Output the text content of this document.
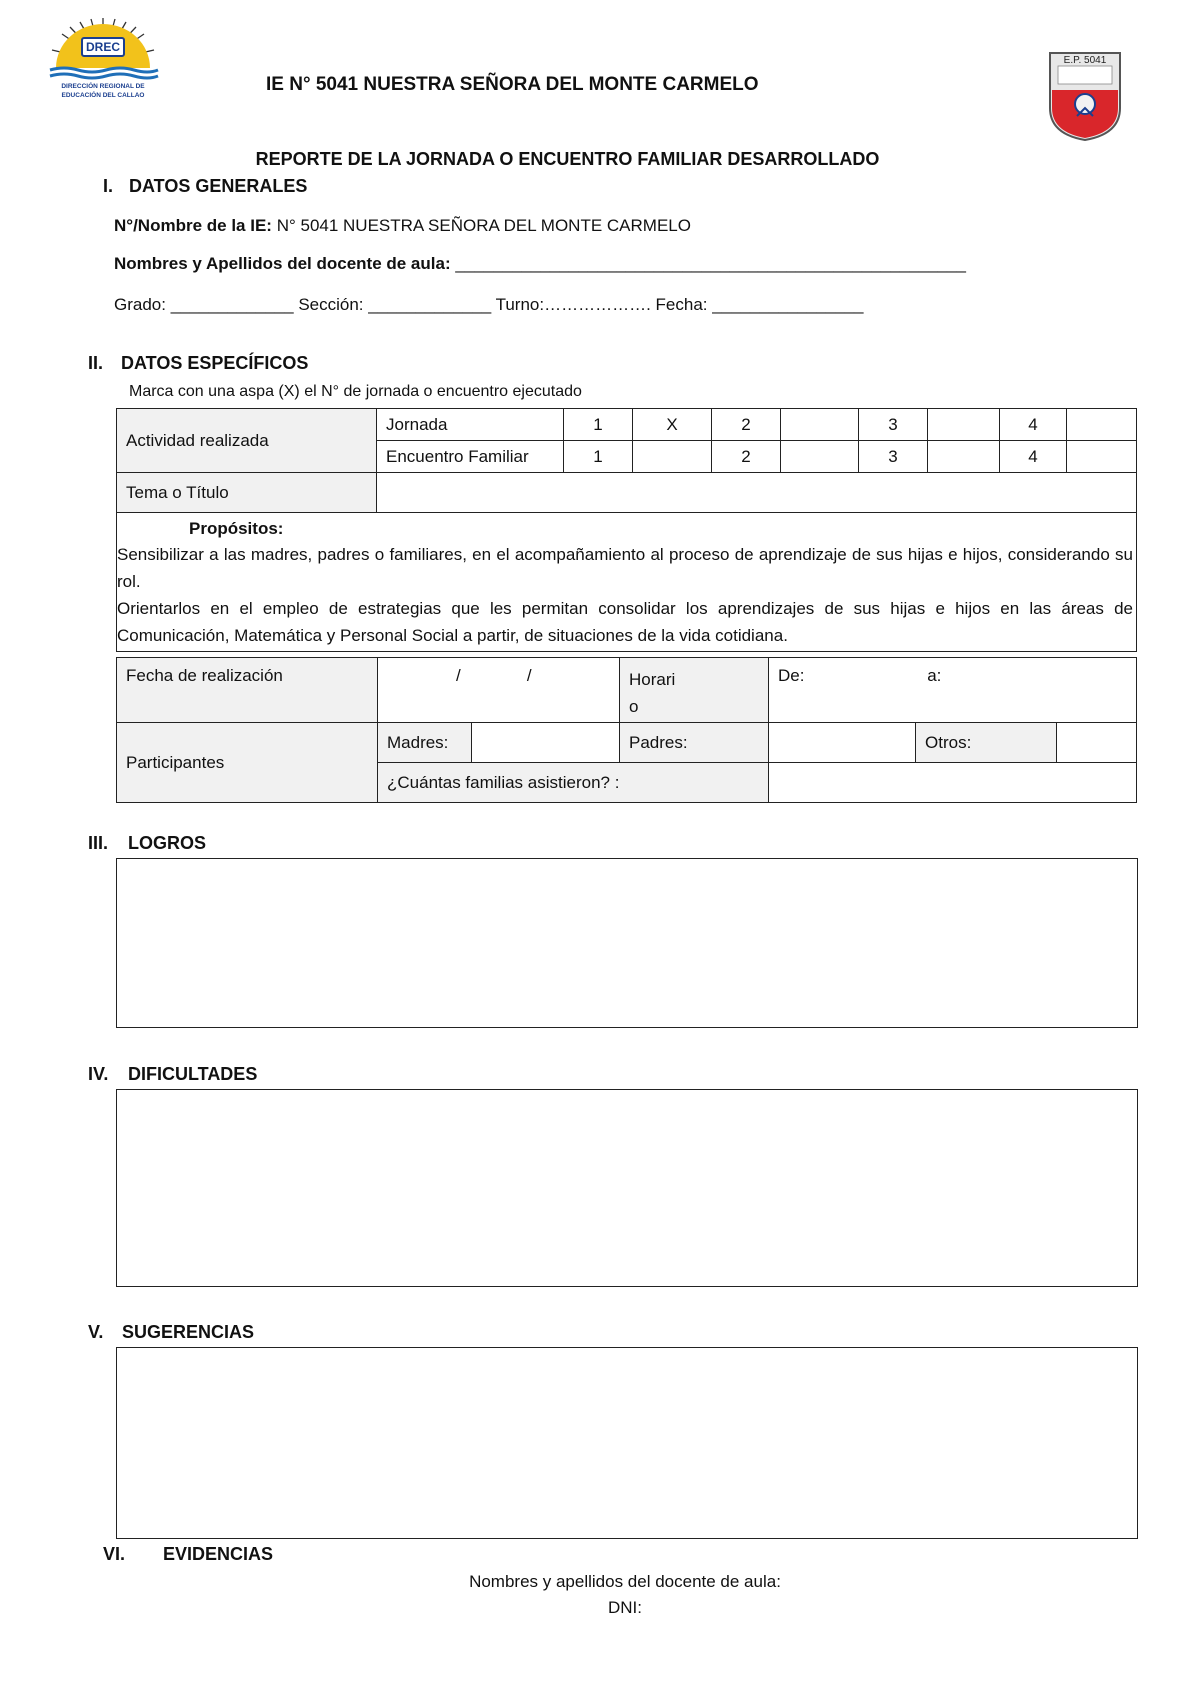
DREC
DIRECCIÓN REGIONAL DE
EDUCACIÓN DEL CALLAO
E.P. 5041
IE N° 5041 NUESTRA SEÑORA DEL MONTE CARMELO
REPORTE DE LA JORNADA O ENCUENTRO FAMILIAR DESARROLLADO
I. DATOS GENERALES
N°/Nombre de la IE: N° 5041 NUESTRA SEÑORA DEL MONTE CARMELO
Nombres y Apellidos del docente de aula: ______________________________________________________
Grado: _____________ Sección: _____________ Turno:………………. Fecha: ________________
II. DATOS ESPECÍFICOS
Marca con una aspa (X) el N° de jornada o encuentro ejecutado
Actividad realizada	Jornada	1	X	2		3		4	
	Encuentro Familiar	1		2		3		4	
Tema o Título									

Propósitos:
Sensibilizar a las madres, padres o familiares, en el acompañamiento al proceso de aprendizaje de sus hijas e hijos, considerando su rol.
Orientarlos en el empleo de estrategias que les permitan consolidar los aprendizajes de sus hijas e hijos en las áreas de Comunicación, Matemática y Personal Social a partir, de situaciones de la vida cotidiana.									
Fecha de realización	/              /		Horari
o	De: a:		
Participantes	Madres:		Padres:		Otros:	
	¿Cuántas familias asistieron? :					
III. LOGROS
IV. DIFICULTADES
V. SUGERENCIAS
VI. EVIDENCIAS
Nombres y apellidos del docente de aula:
DNI:
